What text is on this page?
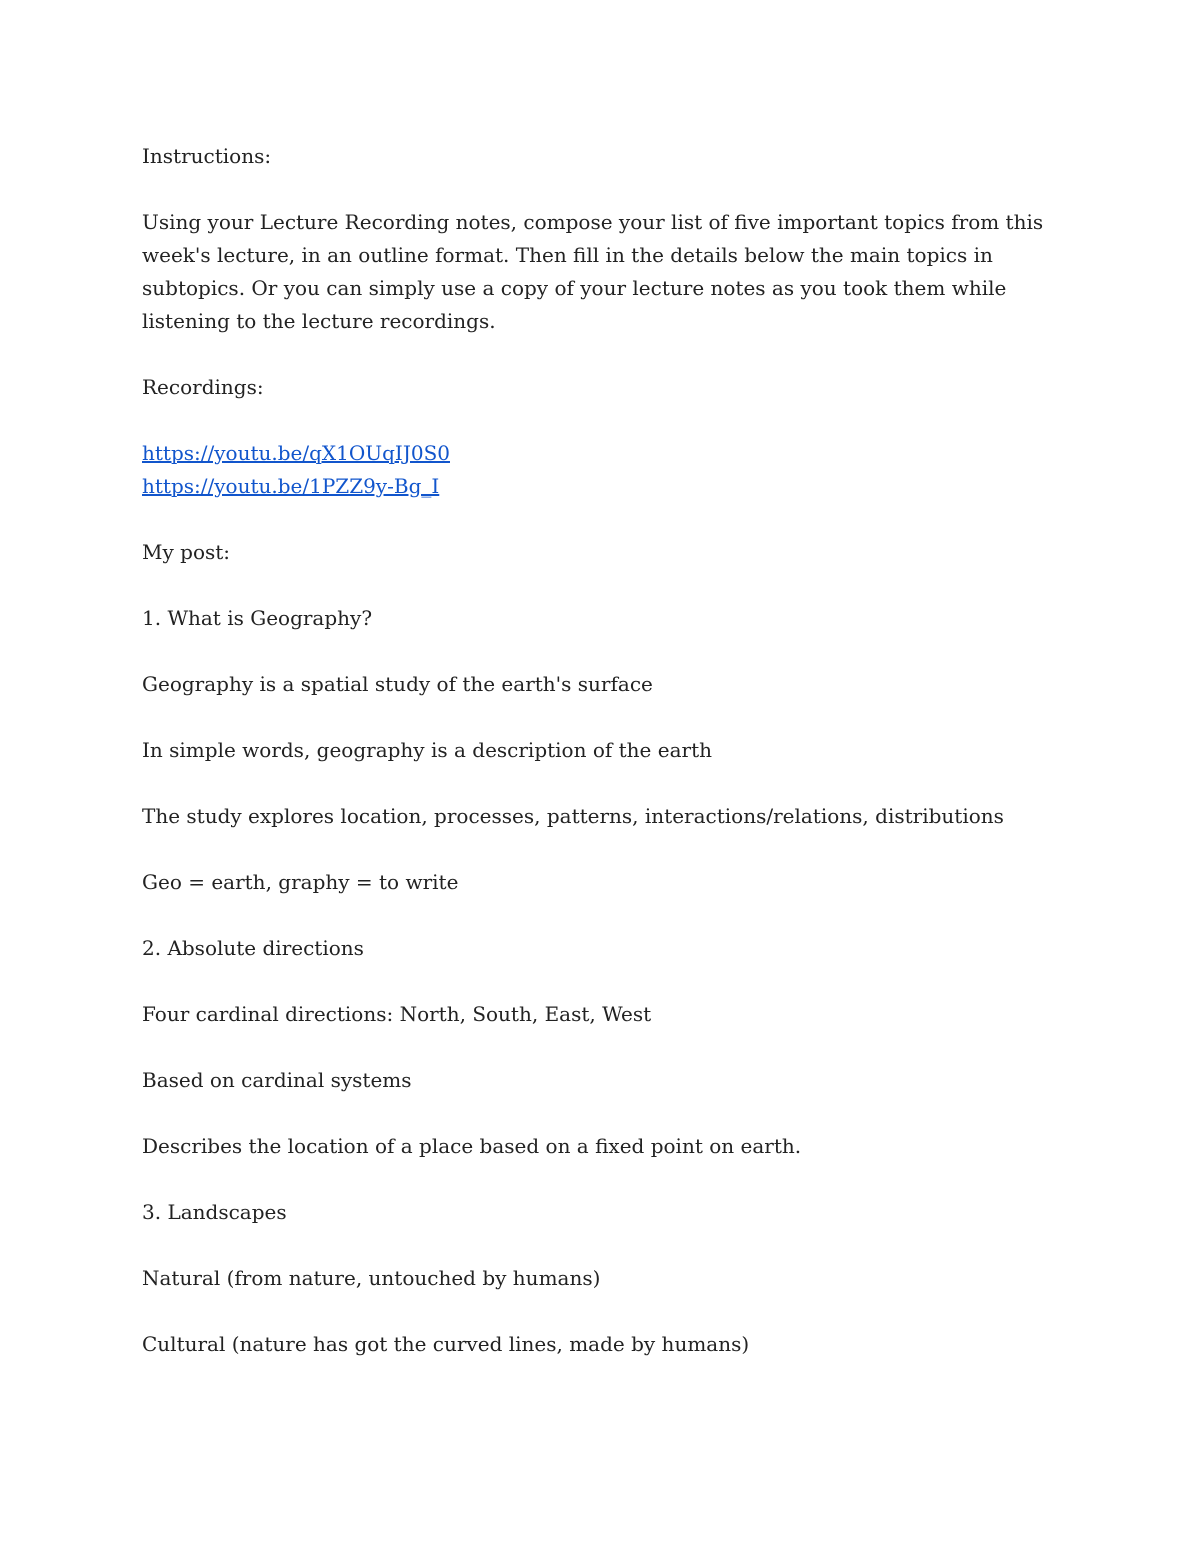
Instructions:

Using your Lecture Recording notes, compose your list of five important topics from this week's lecture, in an outline format. Then fill in the details below the main topics in subtopics. Or you can simply use a copy of your lecture notes as you took them while listening to the lecture recordings.

Recordings:

https://youtu.be/qX1OUqIJ0S0
https://youtu.be/1PZZ9y-Bg_I

My post:

1. What is Geography?

Geography is a spatial study of the earth's surface

In simple words, geography is a description of the earth

The study explores location, processes, patterns, interactions/relations, distributions

Geo = earth, graphy = to write

2. Absolute directions

Four cardinal directions: North, South, East, West

Based on cardinal systems

Describes the location of a place based on a fixed point on earth.

3. Landscapes

Natural (from nature, untouched by humans)

Cultural (nature has got the curved lines, made by humans)
